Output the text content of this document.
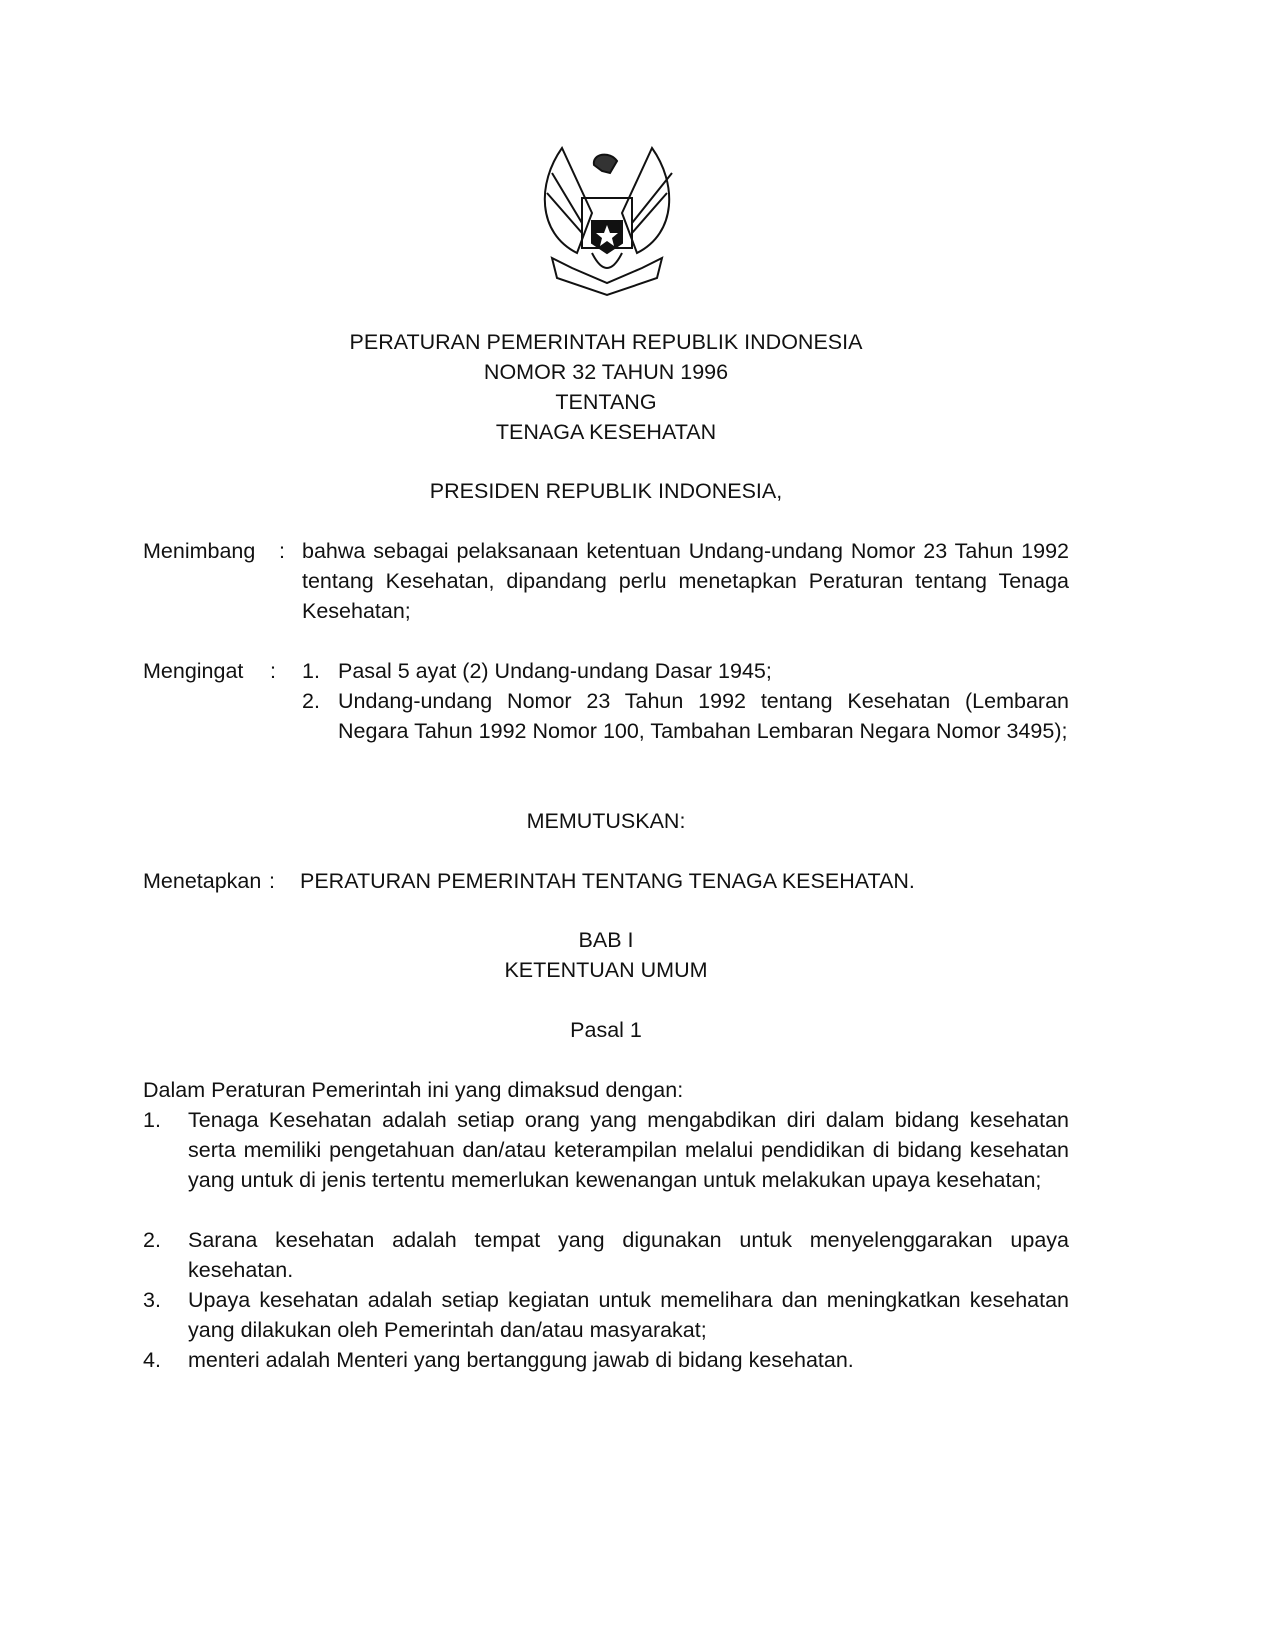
PERATURAN PEMERINTAH REPUBLIK INDONESIA
NOMOR 32 TAHUN 1996
TENTANG
TENAGA KESEHATAN
PRESIDEN REPUBLIK INDONESIA,
Menimbang : bahwa sebagai pelaksanaan ketentuan Undang-undang Nomor 23 Tahun 1992 tentang Kesehatan, dipandang perlu menetapkan Peraturan tentang Tenaga Kesehatan;
Mengingat : 1. Pasal 5 ayat (2) Undang-undang Dasar 1945;
2. Undang-undang Nomor 23 Tahun 1992 tentang Kesehatan (Lembaran Negara Tahun 1992 Nomor 100, Tambahan Lembaran Negara Nomor 3495);
MEMUTUSKAN:
Menetapkan : PERATURAN PEMERINTAH TENTANG TENAGA KESEHATAN.
BAB I
KETENTUAN UMUM
Pasal 1
Dalam Peraturan Pemerintah ini yang dimaksud dengan:
1. Tenaga Kesehatan adalah setiap orang yang mengabdikan diri dalam bidang kesehatan serta memiliki pengetahuan dan/atau keterampilan melalui pendidikan di bidang kesehatan yang untuk di jenis tertentu memerlukan kewenangan untuk melakukan upaya kesehatan;
2. Sarana kesehatan adalah tempat yang digunakan untuk menyelenggarakan upaya kesehatan.
3. Upaya kesehatan adalah setiap kegiatan untuk memelihara dan meningkatkan kesehatan yang dilakukan oleh Pemerintah dan/atau masyarakat;
4. menteri adalah Menteri yang bertanggung jawab di bidang kesehatan.
